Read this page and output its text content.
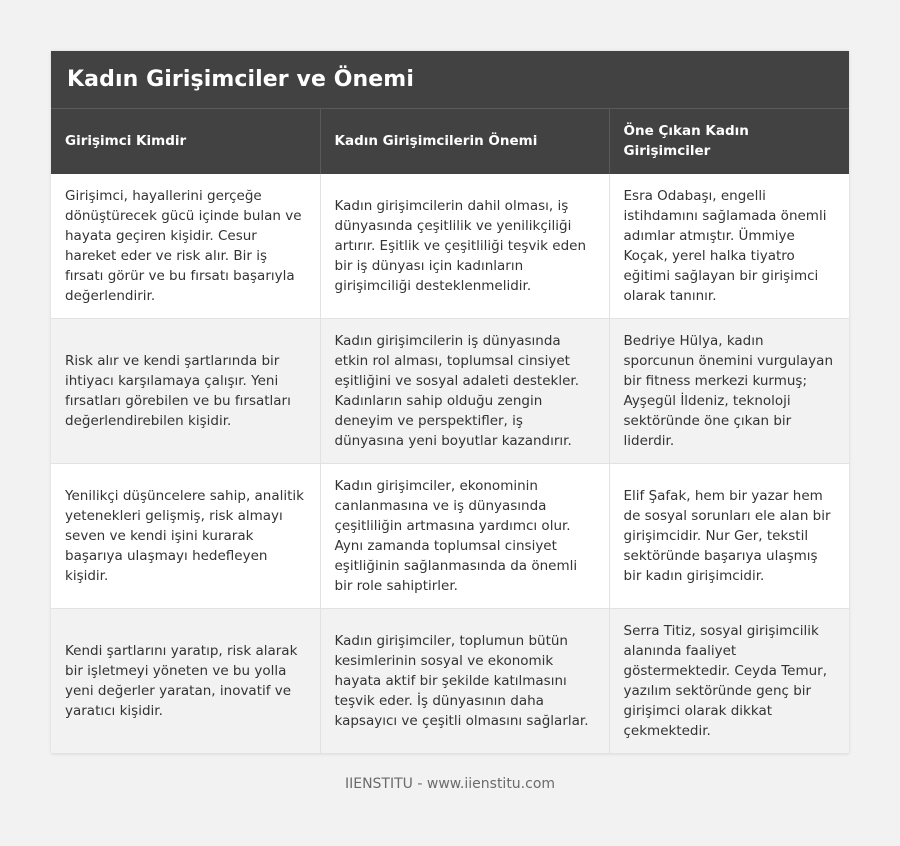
Kadın Girişimciler ve Önemi
Girişimci Kimdir	Kadın Girişimcilerin Önemi	Öne Çıkan Kadın Girişimciler
Girişimci, hayallerini gerçeğe dönüştürecek gücü içinde bulan ve hayata geçiren kişidir. Cesur hareket eder ve risk alır. Bir iş fırsatı görür ve bu fırsatı başarıyla değerlendirir.	Kadın girişimcilerin dahil olması, iş dünyasında çeşitlilik ve yenilikçiliği artırır. Eşitlik ve çeşitliliği teşvik eden bir iş dünyası için kadınların girişimciliği desteklenmelidir.	Esra Odabaşı, engelli istihdamını sağlamada önemli adımlar atmıştır. Ümmiye Koçak, yerel halka tiyatro eğitimi sağlayan bir girişimci olarak tanınır.
Risk alır ve kendi şartlarında bir ihtiyacı karşılamaya çalışır. Yeni fırsatları görebilen ve bu fırsatları değerlendirebilen kişidir.	Kadın girişimcilerin iş dünyasında etkin rol alması, toplumsal cinsiyet eşitliğini ve sosyal adaleti destekler. Kadınların sahip olduğu zengin deneyim ve perspektifler, iş dünyasına yeni boyutlar kazandırır.	Bedriye Hülya, kadın sporcunun önemini vurgulayan bir fitness merkezi kurmuş; Ayşegül İldeniz, teknoloji sektöründe öne çıkan bir liderdir.
Yenilikçi düşüncelere sahip, analitik yetenekleri gelişmiş, risk almayı seven ve kendi işini kurarak başarıya ulaşmayı hedefleyen kişidir.	Kadın girişimciler, ekonominin canlanmasına ve iş dünyasında çeşitliliğin artmasına yardımcı olur. Aynı zamanda toplumsal cinsiyet eşitliğinin sağlanmasında da önemli bir role sahiptirler.	Elif Şafak, hem bir yazar hem de sosyal sorunları ele alan bir girişimcidir. Nur Ger, tekstil sektöründe başarıya ulaşmış bir kadın girişimcidir.
Kendi şartlarını yaratıp, risk alarak bir işletmeyi yöneten ve bu yolla yeni değerler yaratan, inovatif ve yaratıcı kişidir.	Kadın girişimciler, toplumun bütün kesimlerinin sosyal ve ekonomik hayata aktif bir şekilde katılmasını teşvik eder. İş dünyasının daha kapsayıcı ve çeşitli olmasını sağlarlar.	Serra Titiz, sosyal girişimcilik alanında faaliyet göstermektedir. Ceyda Temur, yazılım sektöründe genç bir girişimci olarak dikkat çekmektedir.
IIENSTITU - www.iienstitu.com
